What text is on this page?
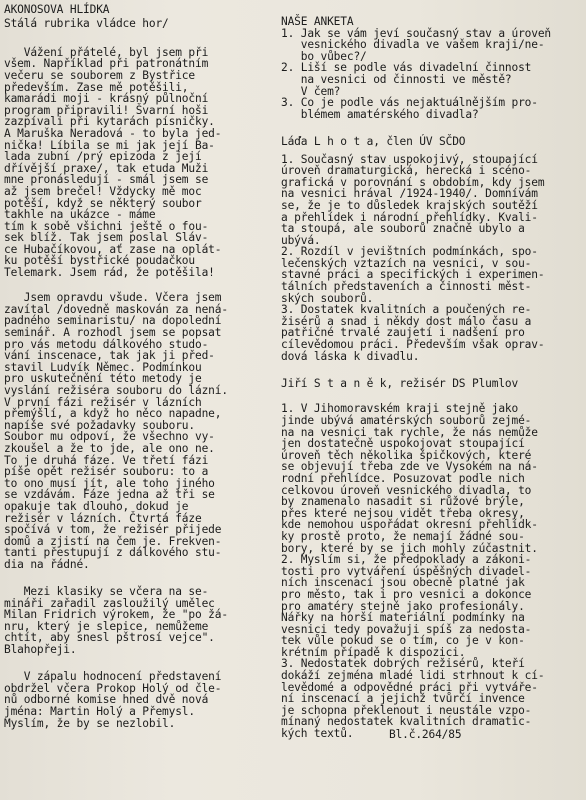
AKONOSOVA HLÍDKA
Stálá rubrika vládce hor/
Vážení přátelé, byl jsem při
všem. Například při patronátním
večeru se souborem z Bystřice
především. Zase mě potěšili,
kamarádi moji - krásný půlnoční
program připravili! Švarní hoši
zazpívali při kytarách písničky.
A Maruška Neradová - to byla jed-
nička! Líbila se mi jak její Ba-
lada zubní /prý epizoda z její
dřívější praxe/, tak etuda Muži
mne pronásledují - smál jsem se
až jsem brečel! Vždycky mě moc
potěší, když se některý soubor
takhle na ukázce - máme
tím k sobě všichni ještě o fou-
sek blíž. Tak jsem poslal Sláv-
ce Hubačíkovou, ať zase na oplát-
ku potěší bystřické poudačkou
Telemark. Jsem rád, že potěšila!
Jsem opravdu všude. Včera jsem
zavítal /dovedně maskován za nená-
padného seminaristu/ na dopolední
seminář. A rozhodl jsem se popsat
pro vás metodu dálkového studo-
vání inscenace, tak jak ji před-
stavil Ludvík Němec. Podmínkou
pro uskutečnění této metody je
vyslání režiséra souboru do lázní.
V první fázi režisér v lázních
přemýšlí, a když ho něco napadne,
napíše své požadavky souboru.
Soubor mu odpoví, že všechno vy-
zkoušel a že to jde, ale ono ne.
To je druhá fáze. Ve třetí fázi
píše opět režisér souboru: to a
to ono musí jít, ale toho jiného
se vzdávám. Fáze jedna až tři se
opakuje tak dlouho, dokud je
režisér v lázních. Čtvrtá fáze
spočívá v tom, že režisér přijede
domů a zjistí na čem je. Frekven-
tanti přestupují z dálkového stu-
dia na řádné.
Mezi klasiky se včera na se-
mináři zařadil zasloužilý umělec
Milan Fridrich výrokem, že "po žá-
nru, který je slepice, nemůžeme
chtít, aby snesl pštrosí vejce".
Blahopřeji.
V zápalu hodnocení představení
obdržel včera Prokop Holý od čle-
nů odborné komise hned dvě nová
jména: Martin Holý a Přemysl.
Myslím, že by se nezlobil.
NAŠE ANKETA
1. Jak se vám jeví současný stav a úroveň
vesnického divadla ve vašem kraji/ne-
bo vůbec?/
2. Liší se podle vás divadelní činnost
na vesnici od činnosti ve městě?
V čem?
3. Co je podle vás nejaktuálnějším pro-
blémem amatérského divadla?
Láďa L h o t a, člen ÚV SČDO
1. Současný stav uspokojivý, stoupající
úroveň dramaturgická, herecká i scéno-
grafická v porovnání s obdobím, kdy jsem
na vesnici hrával /1924-1940/. Domnívám
se, že je to důsledek krajských soutěží
a přehlídek i národní přehlídky. Kvali-
ta stoupá, ale souborů značně ubylo a
ubývá.
2. Rozdíl v jevištních podmínkách, spo-
lečenských vztazích na vesnici, v sou-
stavné práci a specifických i experimen-
tálních představeních a činnosti měst-
ských souborů.
3. Dostatek kvalitních a poučených re-
žisérů a snad i někdy dost málo času a
patřičné trvalé zaujetí i nadšení pro
cílevědomou práci. Především však oprav-
dová láska k divadlu.
Jiří S t a n ě k, režisér DS Plumlov
1. V Jihomoravském kraji stejně jako
jinde ubývá amatérských souborů zejmé-
na na vesnici tak rychle, že nás nemůže
jen dostatečně uspokojovat stoupající
úroveň těch několika špičkových, které
se objevují třeba zde ve Vysokém na ná-
rodní přehlídce. Posuzovat podle nich
celkovou úroveň vesnického divadla, to
by znamenalo nasadit si růžové brýle,
přes které nejsou vidět třeba okresy,
kde nemohou uspořádat okresní přehlídk-
ky prostě proto, že nemají žádné sou-
bory, které by se jich mohly zúčastnit.
2. Myslím si, že předpoklady a zákoni-
tosti pro vytváření úspěšných divadel-
ních inscenací jsou obecně platné jak
pro město, tak i pro vesnici a dokonce
pro amatéry stejně jako profesionály.
Nářky na horší materiální podmínky na
vesnici tedy považuji spíš za nedosta-
tek vůle pokud se o tím, co je v kon-
krétním případě k dispozici.
3. Nedostatek dobrých režisérů, kteří
dokáží zejména mladé lidi strhnout k cí-
levědomé a odpovědné práci při vytváře-
ní inscenací a jejichž tvůrčí invence
je schopna překlenout i neustále vzpo-
mínaný nedostatek kvalitních dramatic-
kých textů.	Bl.č.264/85
